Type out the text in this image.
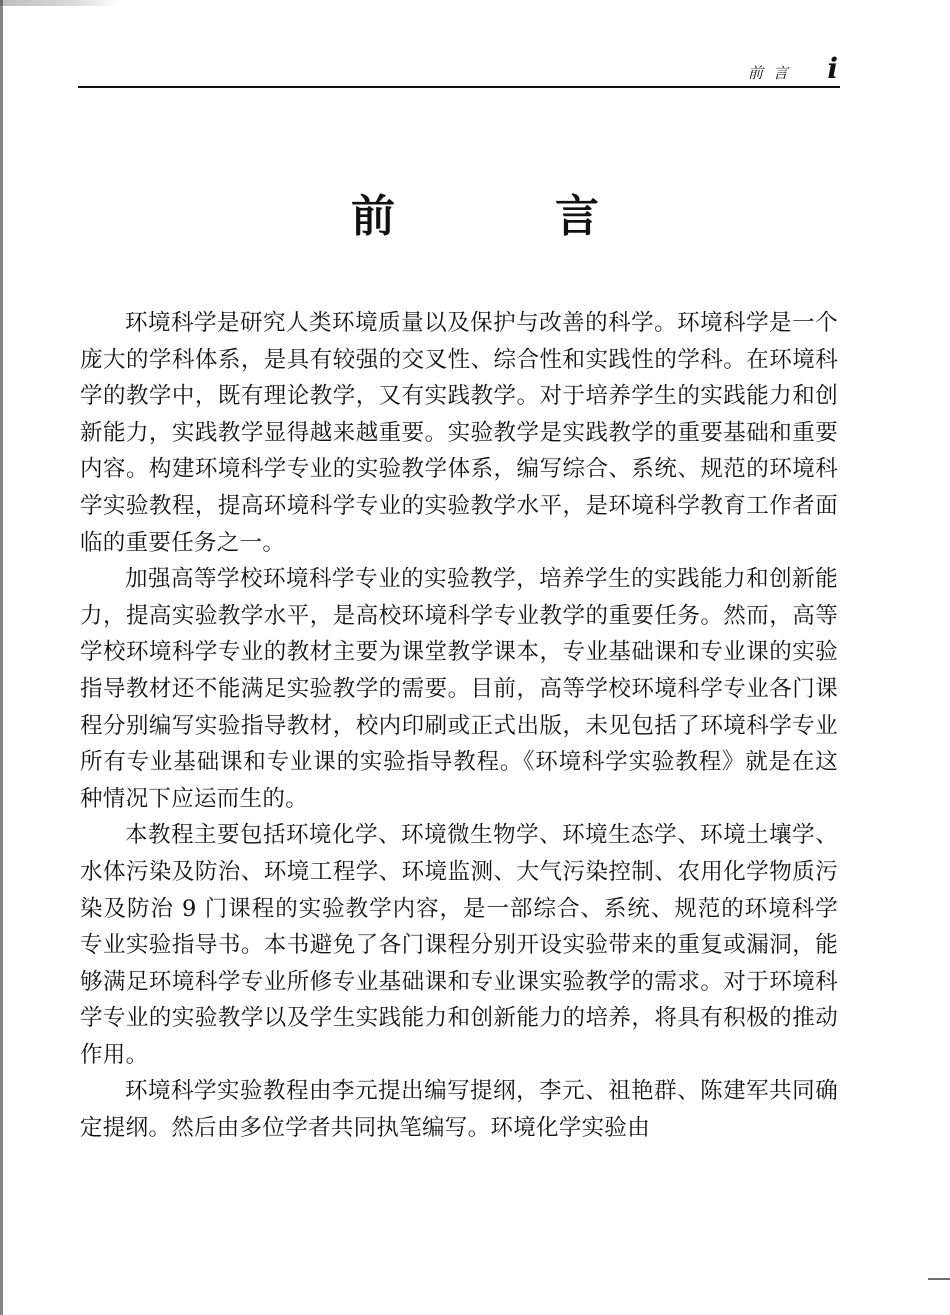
前言 i
前　言

环境科学是研究人类环境质量以及保护与改善的科学。环境科学是一个庞大的学科体系，是具有较强的交叉性、综合性和实践性的学科。在环境科学的教学中，既有理论教学，又有实践教学。对于培养学生的实践能力和创新能力，实践教学显得越来越重要。实验教学是实践教学的重要基础和重要内容。构建环境科学专业的实验教学体系，编写综合、系统、规范的环境科学实验教程，提高环境科学专业的实验教学水平，是环境科学教育工作者面临的重要任务之一。

加强高等学校环境科学专业的实验教学，培养学生的实践能力和创新能力，提高实验教学水平，是高校环境科学专业教学的重要任务。然而，高等学校环境科学专业的教材主要为课堂教学课本，专业基础课和专业课的实验指导教材还不能满足实验教学的需要。目前，高等学校环境科学专业各门课程分别编写实验指导教材，校内印刷或正式出版，未见包括了环境科学专业所有专业基础课和专业课的实验指导教程。《环境科学实验教程》就是在这种情况下应运而生的。

本教程主要包括环境化学、环境微生物学、环境生态学、环境土壤学、水体污染及防治、环境工程学、环境监测、大气污染控制、农用化学物质污染及防治 9 门课程的实验教学内容，是一部综合、系统、规范的环境科学专业实验指导书。本书避免了各门课程分别开设实验带来的重复或漏洞，能够满足环境科学专业所修专业基础课和专业课实验教学的需求。对于环境科学专业的实验教学以及学生实践能力和创新能力的培养，将具有积极的推动作用。

环境科学实验教程由李元提出编写提纲，李元、祖艳群、陈建军共同确定提纲。然后由多位学者共同执笔编写。环境化学实验由
